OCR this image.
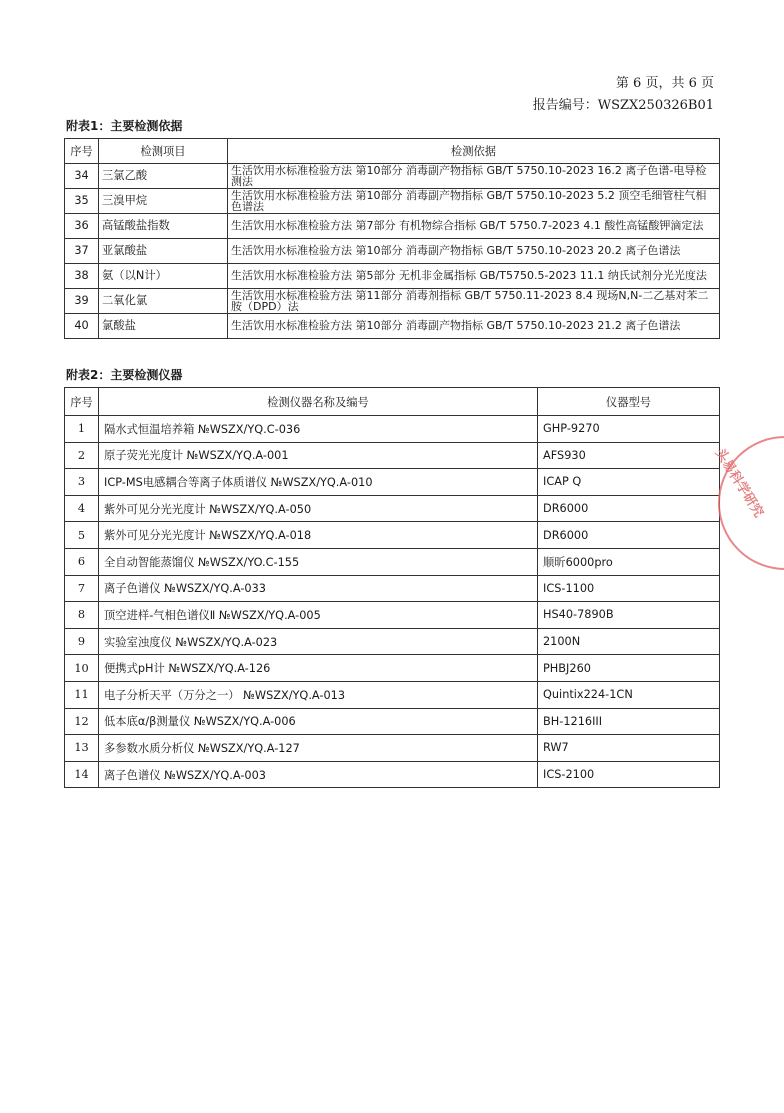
第 6 页，共 6 页
报告编号：WSZX250326B01
附表1：主要检测依据
序号	检测项目	检测依据
34	三氯乙酸	生活饮用水标准检验方法 第10部分 消毒副产物指标 GB/T 5750.10-2023 16.2 离子色谱-电导检测法
35	三溴甲烷	生活饮用水标准检验方法 第10部分 消毒副产物指标 GB/T 5750.10-2023 5.2 顶空毛细管柱气相色谱法
36	高锰酸盐指数	生活饮用水标准检验方法 第7部分 有机物综合指标 GB/T 5750.7-2023 4.1 酸性高锰酸钾滴定法
37	亚氯酸盐	生活饮用水标准检验方法 第10部分 消毒副产物指标 GB/T 5750.10-2023 20.2 离子色谱法
38	氨（以N计）	生活饮用水标准检验方法 第5部分 无机非金属指标 GB/T5750.5-2023 11.1 纳氏试剂分光光度法
39	二氧化氯	生活饮用水标准检验方法 第11部分 消毒剂指标 GB/T 5750.11-2023 8.4 现场N,N-二乙基对苯二胺（DPD）法
40	氯酸盐	生活饮用水标准检验方法 第10部分 消毒副产物指标 GB/T 5750.10-2023 21.2 离子色谱法
附表2：主要检测仪器
序号	检测仪器名称及编号	仪器型号
1	隔水式恒温培养箱 №WSZX/YQ.C-036	GHP-9270
2	原子荧光光度计 №WSZX/YQ.A-001	AFS930
3	ICP-MS电感耦合等离子体质谱仪 №WSZX/YQ.A-010	ICAP Q
4	紫外可见分光光度计 №WSZX/YQ.A-050	DR6000
5	紫外可见分光光度计 №WSZX/YQ.A-018	DR6000
6	全自动智能蒸馏仪 №WSZX/YO.C-155	顺昕6000pro
7	离子色谱仪 №WSZX/YQ.A-033	ICS-1100
8	顶空进样-气相色谱仪Ⅱ №WSZX/YQ.A-005	HS40-7890B
9	实验室浊度仪 №WSZX/YQ.A-023	2100N
10	便携式pH计 №WSZX/YQ.A-126	PHBJ260
11	电子分析天平（万分之一） №WSZX/YQ.A-013	Quintix224-1CN
12	低本底α/β测量仪 №WSZX/YQ.A-006	BH-1216III
13	多参数水质分析仪 №WSZX/YQ.A-127	RW7
14	离子色谱仪 №WSZX/YQ.A-003	ICS-2100
头易科学研究
